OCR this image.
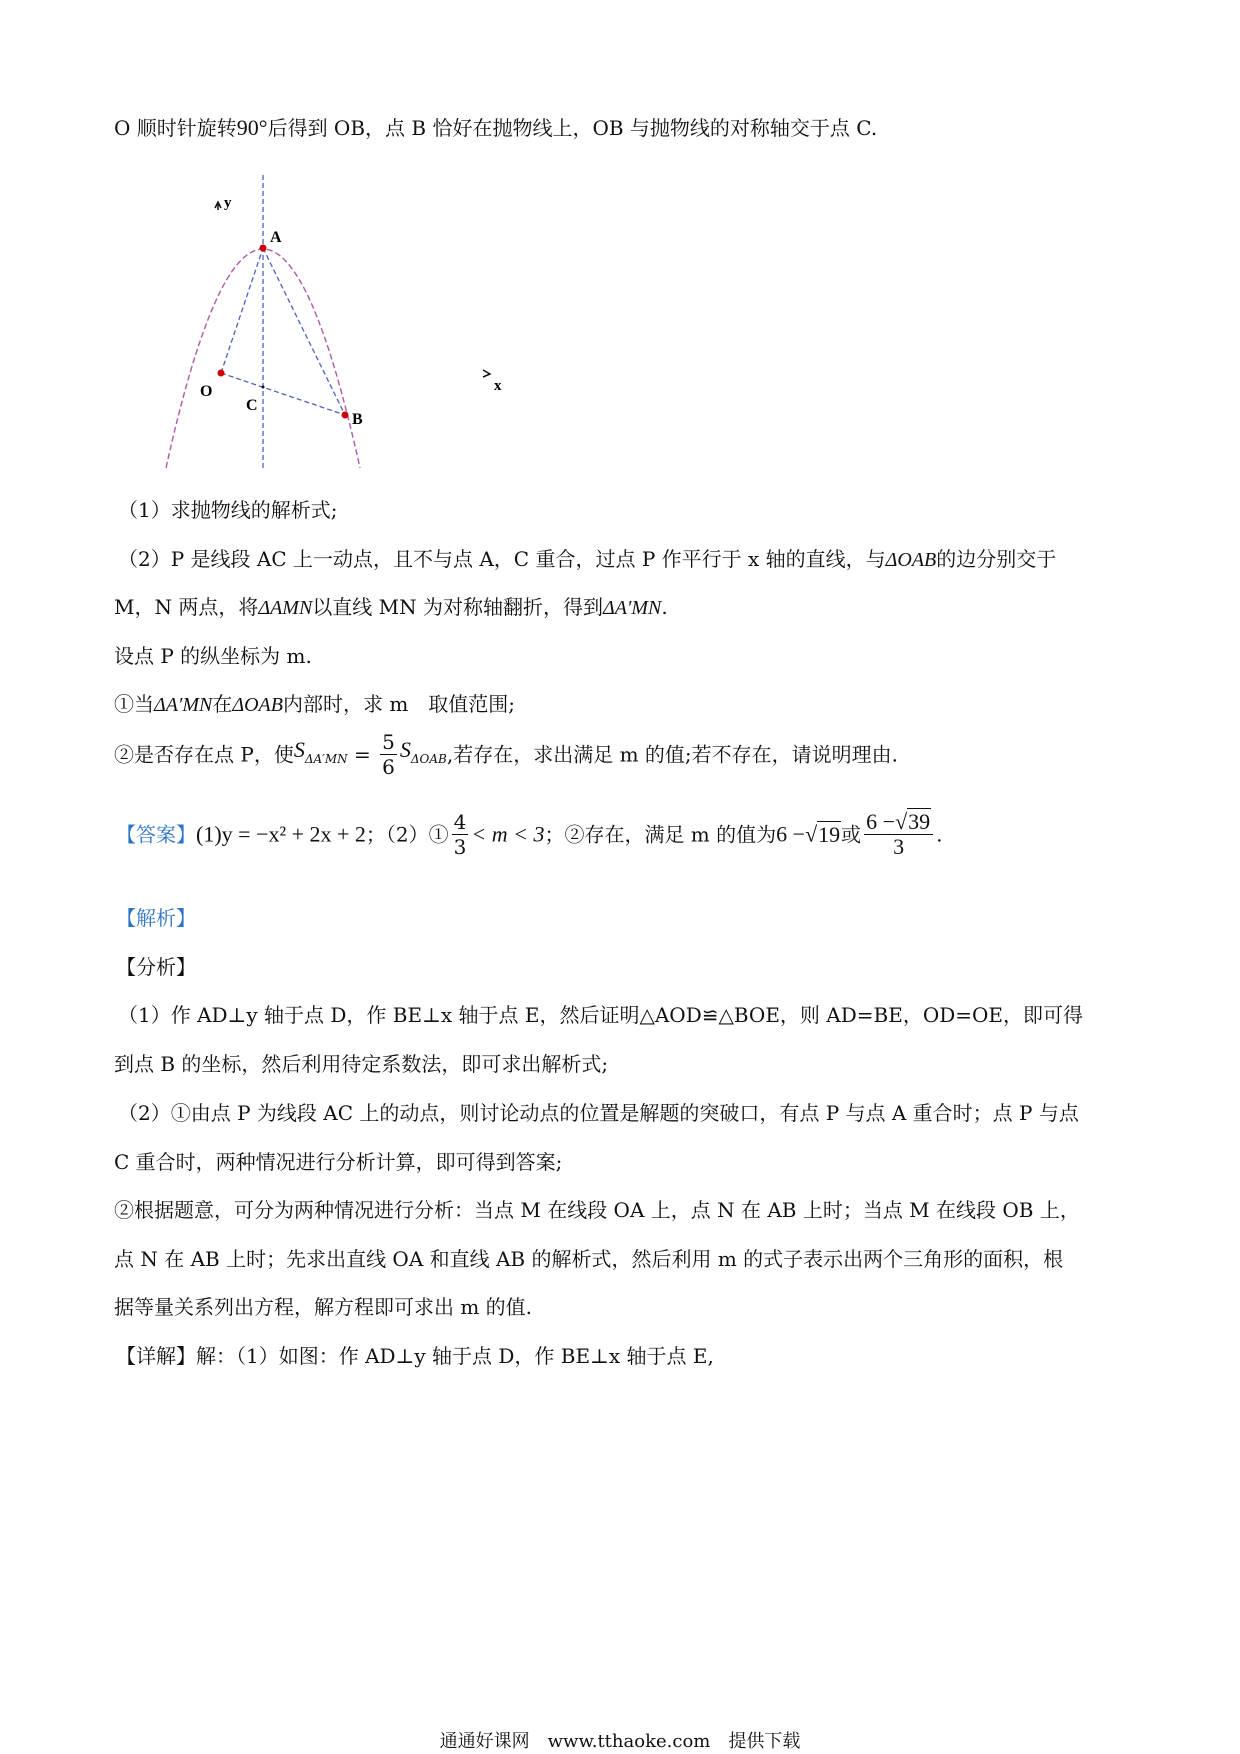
O 顺时针旋转90°后得到 OB，点 B 恰好在抛物线上，OB 与抛物线的对称轴交于点 C.
y
x
A
O
C
B
（1）求抛物线的解析式;
（2）P 是线段 AC 上一动点，且不与点 A，C 重合，过点 P 作平行于 x 轴的直线，与ΔOAB的边分别交于
M，N 两点，将ΔAMN以直线 MN 为对称轴翻折，得到ΔA′MN.
设点 P 的纵坐标为 m.
①当ΔA′MN在ΔOAB内部时，求 m　取值范围;
②是否存在点 P，使$S_{\Delta A'MN} = \frac{5}{6} S_{\Delta OAB}$,若存在，求出满足 m 的值;若不存在，请说明理由.
【答案】(1)y = −x² + 2x + 2；（2）① $\frac{4}{3} < m < 3$；②存在，满足 m 的值为6 −√19或 $\frac{6 -√39}{3}$ .
【解析】
【分析】
（1）作 AD⊥y 轴于点 D，作 BE⊥x 轴于点 E，然后证明△AOD≌△BOE，则 AD=BE，OD=OE，即可得
到点 B 的坐标，然后利用待定系数法，即可求出解析式;
（2）①由点 P 为线段 AC 上的动点，则讨论动点的位置是解题的突破口，有点 P 与点 A 重合时；点 P 与点
C 重合时，两种情况进行分析计算，即可得到答案;
②根据题意，可分为两种情况进行分析：当点 M 在线段 OA 上，点 N 在 AB 上时；当点 M 在线段 OB 上，
点 N 在 AB 上时；先求出直线 OA 和直线 AB 的解析式，然后利用 m 的式子表示出两个三角形的面积，根
据等量关系列出方程，解方程即可求出 m 的值.
【详解】解：（1）如图：作 AD⊥y 轴于点 D，作 BE⊥x 轴于点 E,
通通好课网　www.tthaoke.com　提供下载
